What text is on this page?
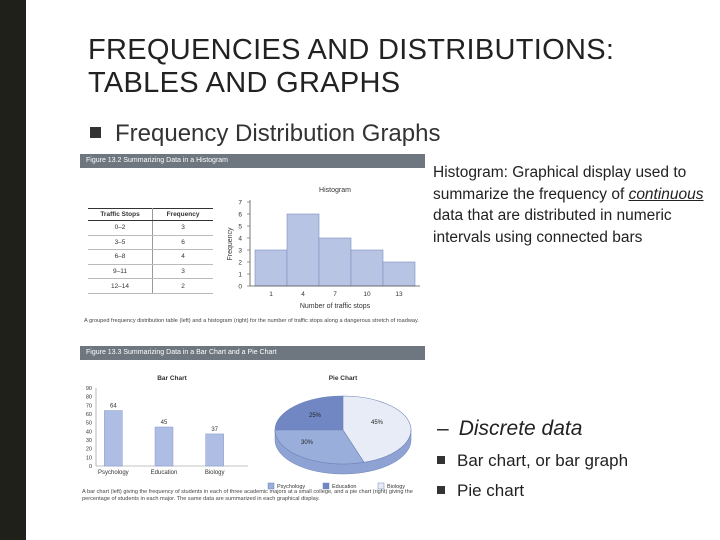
FREQUENCIES AND DISTRIBUTIONS:
TABLES AND GRAPHS
Frequency Distribution Graphs
Figure 13.2 Summarizing Data in a Histogram
Traffic Stops	Frequency
0–2	3
3–5	6
6–8	4
9–11	3
12–14	2
Histogram
0
1
2
3
4
5
6
7
1	4	7	10	13
Number of traffic stops
Frequency
A grouped frequency distribution table (left) and a histogram (right) for the number of traffic stops along a dangerous stretch of roadway.
Figure 13.3 Summarizing Data in a Bar Chart and a Pie Chart
Bar Chart
0
10
20
30
40
50
60
70
80
90
64
Psychology
45
Education
37
Biology
Pie Chart
25%
45%
30%
Psychology	Education	Biology
A bar chart (left) giving the frequency of students in each of three academic majors at a small college, and a pie chart (right) giving the percentage of students in each major. The same data are summarized in each graphical display.
Histogram: Graphical display used to summarize the frequency of continuous data that are distributed in numeric intervals using connected bars
– Discrete data
Bar chart, or bar graph
Pie chart
